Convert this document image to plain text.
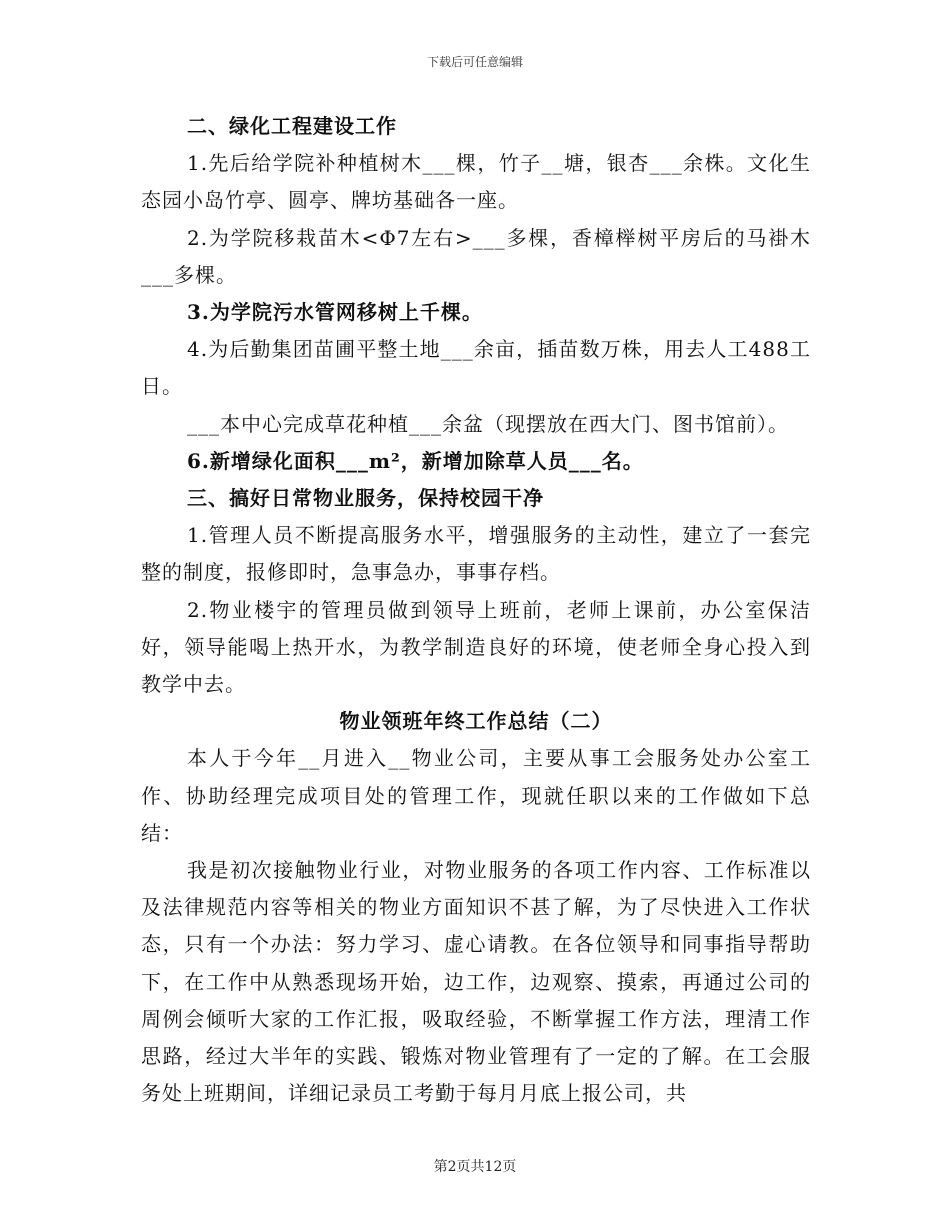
下载后可任意编辑

二、绿化工程建设工作

1.先后给学院补种植树木___棵，竹子__塘，银杏___余株。文化生态园小岛竹亭、圆亭、牌坊基础各一座。

2.为学院移栽苗木<Φ7左右>___多棵，香樟榉树平房后的马褂木___多棵。

3.为学院污水管网移树上千棵。

4.为后勤集团苗圃平整土地___余亩，插苗数万株，用去人工488工日。

___本中心完成草花种植___余盆（现摆放在西大门、图书馆前）。

6.新增绿化面积___m²，新增加除草人员___名。

三、搞好日常物业服务，保持校园干净

1.管理人员不断提高服务水平，增强服务的主动性，建立了一套完整的制度，报修即时，急事急办，事事存档。

2.物业楼宇的管理员做到领导上班前，老师上课前，办公室保洁好，领导能喝上热开水，为教学制造良好的环境，使老师全身心投入到教学中去。

物业领班年终工作总结（二）

本人于今年__月进入__物业公司，主要从事工会服务处办公室工作、协助经理完成项目处的管理工作，现就任职以来的工作做如下总结：

我是初次接触物业行业，对物业服务的各项工作内容、工作标准以及法律规范内容等相关的物业方面知识不甚了解，为了尽快进入工作状态，只有一个办法：努力学习、虚心请教。在各位领导和同事指导帮助下，在工作中从熟悉现场开始，边工作，边观察、摸索，再通过公司的周例会倾听大家的工作汇报，吸取经验，不断掌握工作方法，理清工作思路，经过大半年的实践、锻炼对物业管理有了一定的了解。在工会服务处上班期间，详细记录员工考勤于每月月底上报公司，共

第2页共12页
